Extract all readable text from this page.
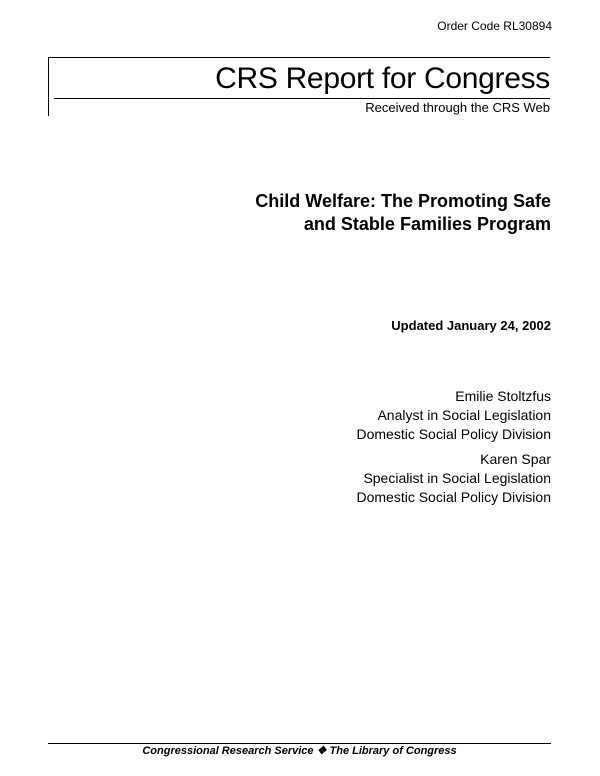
Order Code RL30894
CRS Report for Congress
Received through the CRS Web
Child Welfare: The Promoting Safe
and Stable Families Program
Updated January 24, 2002
Emilie Stoltzfus
Analyst in Social Legislation
Domestic Social Policy Division
Karen Spar
Specialist in Social Legislation
Domestic Social Policy Division
Congressional Research Service ❖ The Library of Congress
